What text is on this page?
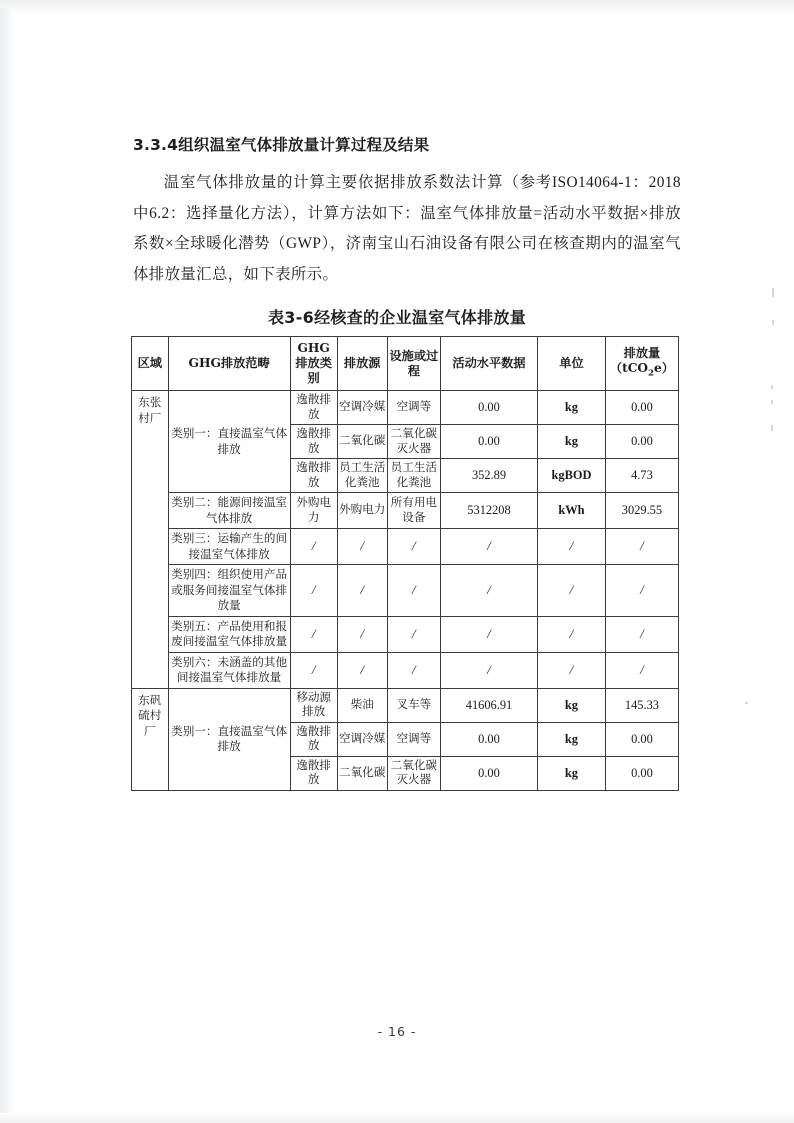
3.3.4组织温室气体排放量计算过程及结果
温室气体排放量的计算主要依据排放系数法计算（参考ISO14064-1：2018中6.2：选择量化方法），计算方法如下：温室气体排放量=活动水平数据×排放系数×全球暖化潜势（GWP），济南宝山石油设备有限公司在核查期内的温室气体排放量汇总，如下表所示。
表3-6经核查的企业温室气体排放量
区域	GHG排放范畴	GHG排放类别	排放源	设施或过程	活动水平数据	单位	排放量
（tCO$_2$e）

东张
村厂	类别一：直接温室气体排放	逸散排放	空调冷媒	空调等	0.00	kg	0.00
		逸散排放	二氧化碳	二氧化碳灭火器	0.00	kg	0.00
		逸散排放	员工生活化粪池	员工生活化粪池	352.89	kgBOD	4.73
	类别二：能源间接温室气体排放	外购电力	外购电力	所有用电设备	5312208	kWh	3029.55
	类别三：运输产生的间接温室气体排放	/	/	/	/	/	/
	类别四：组织使用产品或服务间接温室气体排放量	/	/	/	/	/	/
	类别五：产品使用和报废间接温室气体排放量	/	/	/	/	/	/
	类别六：未涵盖的其他间接温室气体排放量	/	/	/	/	/	/

东矾
硫村
厂	类别一：直接温室气体排放	移动源排放	柴油	叉车等	41606.91	kg	145.33
		逸散排放	空调冷媒	空调等	0.00	kg	0.00
		逸散排放	二氧化碳	二氧化碳灭火器	0.00	kg	0.00
- 16 -
